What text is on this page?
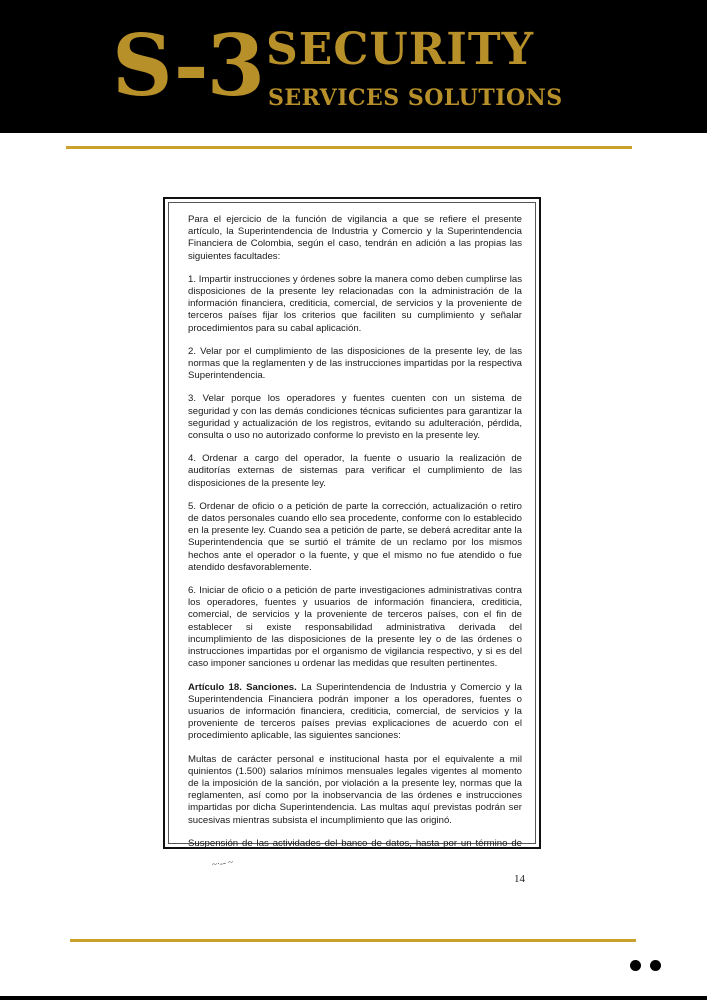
S-3 SECURITY
SERVICES SOLUTIONS

Para el ejercicio de la función de vigilancia a que se refiere el presente artículo, la Superintendencia de Industria y Comercio y la Superintendencia Financiera de Colombia, según el caso, tendrán en adición a las propias las siguientes facultades:

1. Impartir instrucciones y órdenes sobre la manera como deben cumplirse las disposiciones de la presente ley relacionadas con la administración de la información financiera, crediticia, comercial, de servicios y la proveniente de terceros países fijar los criterios que faciliten su cumplimiento y señalar procedimientos para su cabal aplicación.

2. Velar por el cumplimiento de las disposiciones de la presente ley, de las normas que la reglamenten y de las instrucciones impartidas por la respectiva Superintendencia.

3. Velar porque los operadores y fuentes cuenten con un sistema de seguridad y con las demás condiciones técnicas suficientes para garantizar la seguridad y actualización de los registros, evitando su adulteración, pérdida, consulta o uso no autorizado conforme lo previsto en la presente ley.

4. Ordenar a cargo del operador, la fuente o usuario la realización de auditorías externas de sistemas para verificar el cumplimiento de las disposiciones de la presente ley.

5. Ordenar de oficio o a petición de parte la corrección, actualización o retiro de datos personales cuando ello sea procedente, conforme con lo establecido en la presente ley. Cuando sea a petición de parte, se deberá acreditar ante la Superintendencia que se surtió el trámite de un reclamo por los mismos hechos ante el operador o la fuente, y que el mismo no fue atendido o fue atendido desfavorablemente.

6. Iniciar de oficio o a petición de parte investigaciones administrativas contra los operadores, fuentes y usuarios de información financiera, crediticia, comercial, de servicios y la proveniente de terceros países, con el fin de establecer si existe responsabilidad administrativa derivada del incumplimiento de las disposiciones de la presente ley o de las órdenes o instrucciones impartidas por el organismo de vigilancia respectivo, y si es del caso imponer sanciones u ordenar las medidas que resulten pertinentes.

Artículo 18. Sanciones. La Superintendencia de Industria y Comercio y la Superintendencia Financiera podrán imponer a los operadores, fuentes o usuarios de información financiera, crediticia, comercial, de servicios y la proveniente de terceros países previas explicaciones de acuerdo con el procedimiento aplicable, las siguientes sanciones:

Multas de carácter personal e institucional hasta por el equivalente a mil quinientos (1.500) salarios mínimos mensuales legales vigentes al momento de la imposición de la sanción, por violación a la presente ley, normas que la reglamenten, así como por la inobservancia de las órdenes e instrucciones impartidas por dicha Superintendencia. Las multas aquí previstas podrán ser sucesivas mientras subsista el incumplimiento que las originó.

Suspensión de las actividades del banco de datos, hasta por un término de

~·-- ~
14
